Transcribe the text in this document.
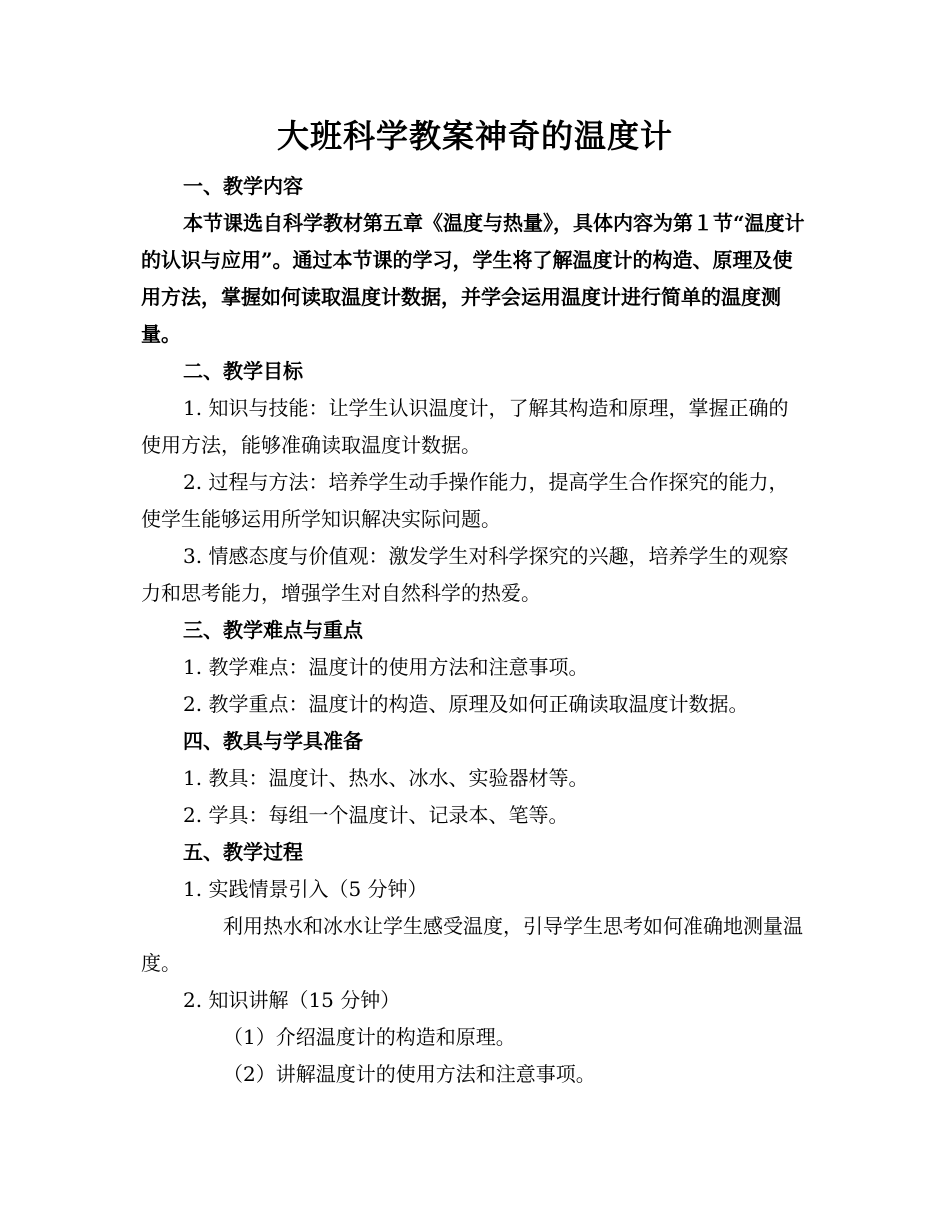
大班科学教案神奇的温度计

一、教学内容

本节课选自科学教材第五章《温度与热量》，具体内容为第１节“温度计的认识与应用”。通过本节课的学习，学生将了解温度计的构造、原理及使用方法，掌握如何读取温度计数据，并学会运用温度计进行简单的温度测量。

二、教学目标

1. 知识与技能：让学生认识温度计，了解其构造和原理，掌握正确的使用方法，能够准确读取温度计数据。

2. 过程与方法：培养学生动手操作能力，提高学生合作探究的能力，使学生能够运用所学知识解决实际问题。

3. 情感态度与价值观：激发学生对科学探究的兴趣，培养学生的观察力和思考能力，增强学生对自然科学的热爱。

三、教学难点与重点

1. 教学难点：温度计的使用方法和注意事项。

2. 教学重点：温度计的构造、原理及如何正确读取温度计数据。

四、教具与学具准备

1. 教具：温度计、热水、冰水、实验器材等。

2. 学具：每组一个温度计、记录本、笔等。

五、教学过程

1. 实践情景引入（5 分钟）

利用热水和冰水让学生感受温度，引导学生思考如何准确地测量温度。

2. 知识讲解（15 分钟）

（1）介绍温度计的构造和原理。

（2）讲解温度计的使用方法和注意事项。
